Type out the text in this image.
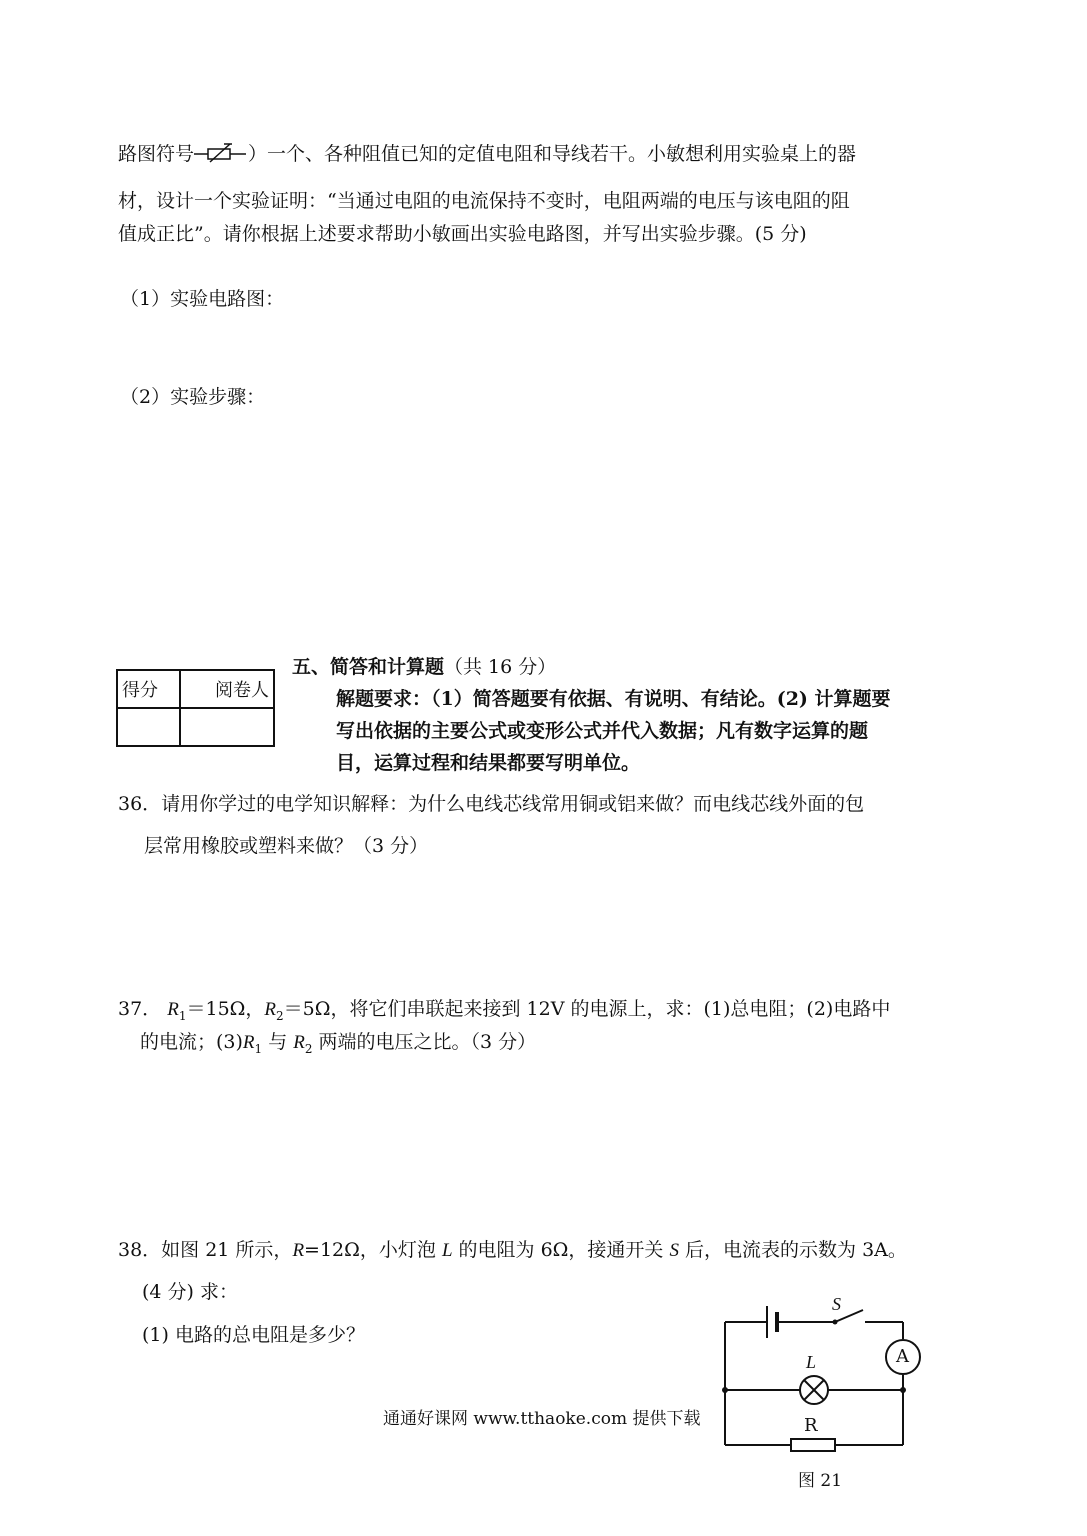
路图符号	）一个、各种阻值已知的定值电阻和导线若干。小敏想利用实验桌上的器
材，设计一个实验证明：“当通过电阻的电流保持不变时，电阻两端的电压与该电阻的阻
值成正比”。请你根据上述要求帮助小敏画出实验电路图，并写出实验步骤。(5 分)
（1）实验电路图：
（2）实验步骤：
得分	阅卷人

五、简答和计算题（共 16 分）
解题要求：（1）简答题要有依据、有说明、有结论。(2) 计算题要
写出依据的主要公式或变形公式并代入数据；凡有数字运算的题
目，运算过程和结果都要写明单位。
36．请用你学过的电学知识解释：为什么电线芯线常用铜或铝来做？而电线芯线外面的包
层常用橡胶或塑料来做？（3 分）
37． $R_1=15\Omega$，$R_2=5\Omega$，将它们串联起来接到 12V 的电源上，求：(1)总电阻；(2)电路中
的电流；$(3)R_1$ 与 $R_2$ 两端的电压之比。（3 分）
38．如图 21 所示，R=12Ω，小灯泡 L 的电阻为 6Ω，接通开关 S 后，电流表的示数为 3A。
(4 分) 求：
(1) 电路的总电阻是多少？
S
L	A
R
图 21
通通好课网 www.tthaoke.com 提供下载
